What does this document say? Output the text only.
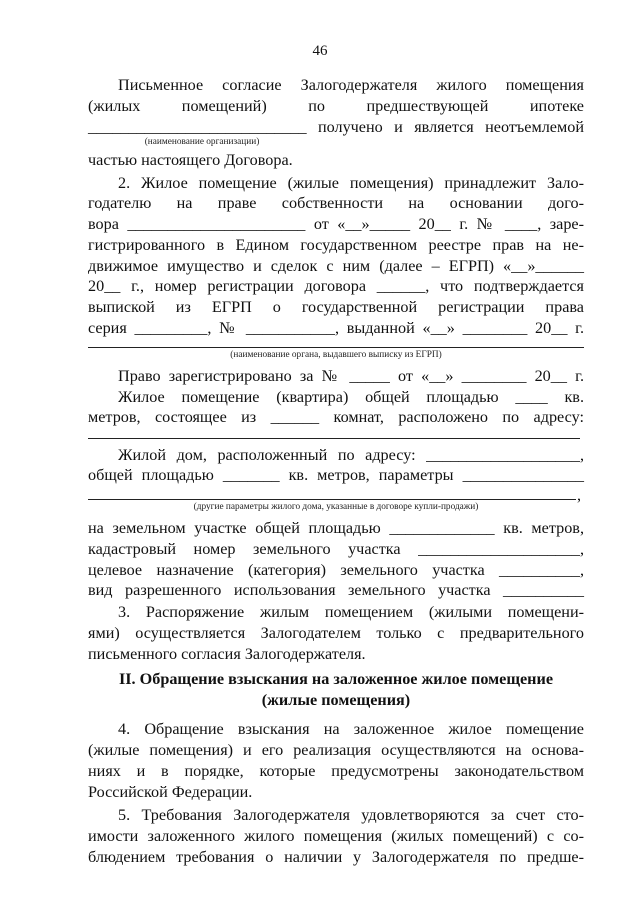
46
Письменное согласие Залогодержателя жилого помещения
(жилых помещений) по предшествующей ипотеке
___________________________ получено и является неотъемлемой
(наименование организации)
частью настоящего Договора.
2. Жилое помещение (жилые помещения) принадлежит Зало-
годателю на праве собственности на основании дого-
вора ______________________ от «__»_____ 20__ г. № ____, заре-
гистрированного в Едином государственном реестре прав на не-
движимое имущество и сделок с ним (далее – ЕГРП) «__»______
20__ г., номер регистрации договора ______, что подтверждается
выпиской из ЕГРП о государственной регистрации права
серия _________, № ___________, выданной «__» ________ 20__ г.
(наименование органа, выдавшего выписку из ЕГРП)
Право зарегистрировано за № _____ от «__» ________ 20__ г.
Жилое помещение (квартира) общей площадью ____ кв.
метров, состоящее из ______ комнат, расположено по адресу:
Жилой дом, расположенный по адресу: ___________________,
общей площадью _______ кв. метров, параметры _______________
,
(другие параметры жилого дома, указанные в договоре купли-продажи)
на земельном участке общей площадью _____________ кв. метров,
кадастровый номер земельного участка ____________________,
целевое назначение (категория) земельного участка __________,
вид разрешенного использования земельного участка __________
3. Распоряжение жилым помещением (жилыми помещени-
ями) осуществляется Залогодателем только с предварительного
письменного согласия Залогодержателя.
II. Обращение взыскания на заложенное жилое помещение
(жилые помещения)
4. Обращение взыскания на заложенное жилое помещение
(жилые помещения) и его реализация осуществляются на основа-
ниях и в порядке, которые предусмотрены законодательством
Российской Федерации.
5. Требования Залогодержателя удовлетворяются за счет сто-
имости заложенного жилого помещения (жилых помещений) с со-
блюдением требования о наличии у Залогодержателя по предше-
